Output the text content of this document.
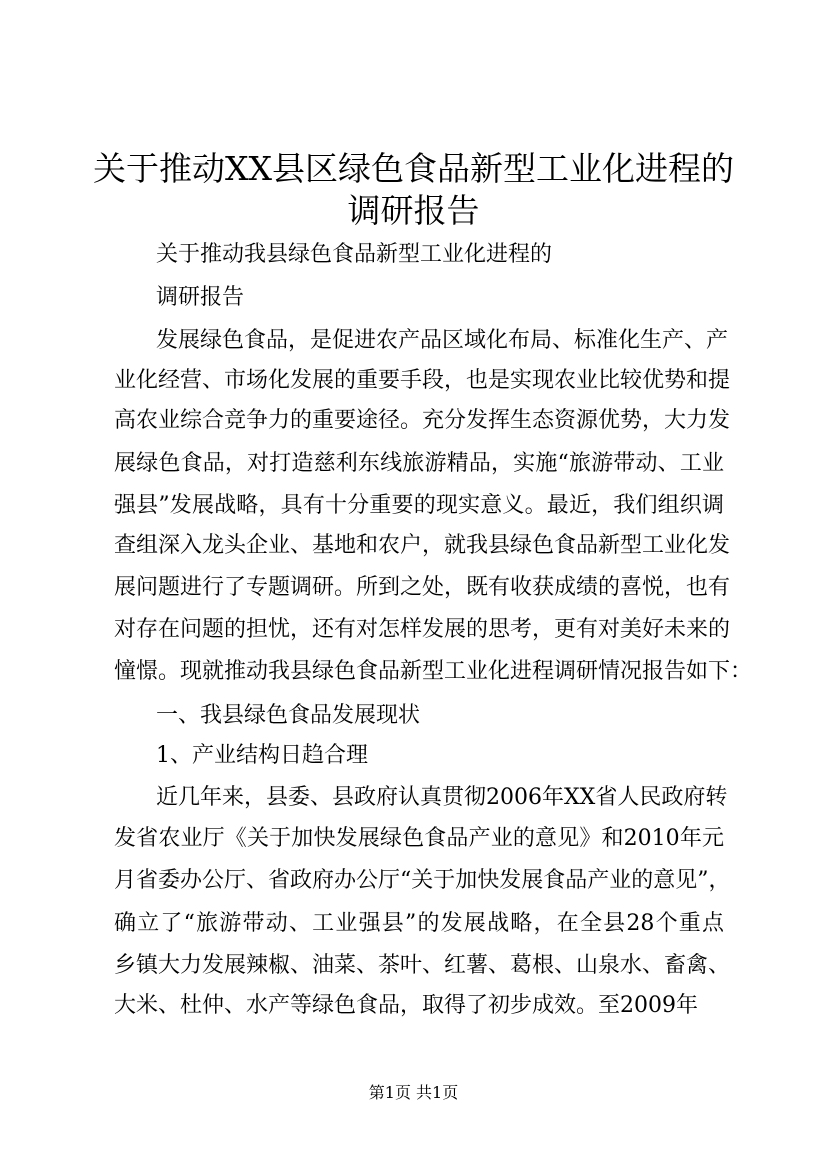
关于推动XX县区绿色食品新型工业化进程的
调研报告

关于推动我县绿色食品新型工业化进程的

调研报告

发展绿色食品，是促进农产品区域化布局、标准化生产、产

业化经营、市场化发展的重要手段，也是实现农业比较优势和提

高农业综合竞争力的重要途径。充分发挥生态资源优势，大力发

展绿色食品，对打造慈利东线旅游精品，实施“旅游带动、工业

强县”发展战略，具有十分重要的现实意义。最近，我们组织调

查组深入龙头企业、基地和农户，就我县绿色食品新型工业化发

展问题进行了专题调研。所到之处，既有收获成绩的喜悦，也有

对存在问题的担忧，还有对怎样发展的思考，更有对美好未来的

憧憬。现就推动我县绿色食品新型工业化进程调研情况报告如下：

一、我县绿色食品发展现状

1、产业结构日趋合理

近几年来，县委、县政府认真贯彻2006年XX省人民政府转

发省农业厅《关于加快发展绿色食品产业的意见》和2010年元

月省委办公厅、省政府办公厅“关于加快发展食品产业的意见”，

确立了“旅游带动、工业强县”的发展战略，在全县28个重点

乡镇大力发展辣椒、油菜、茶叶、红薯、葛根、山泉水、畜禽、

大米、杜仲、水产等绿色食品，取得了初步成效。至2009年

第1页 共1页
